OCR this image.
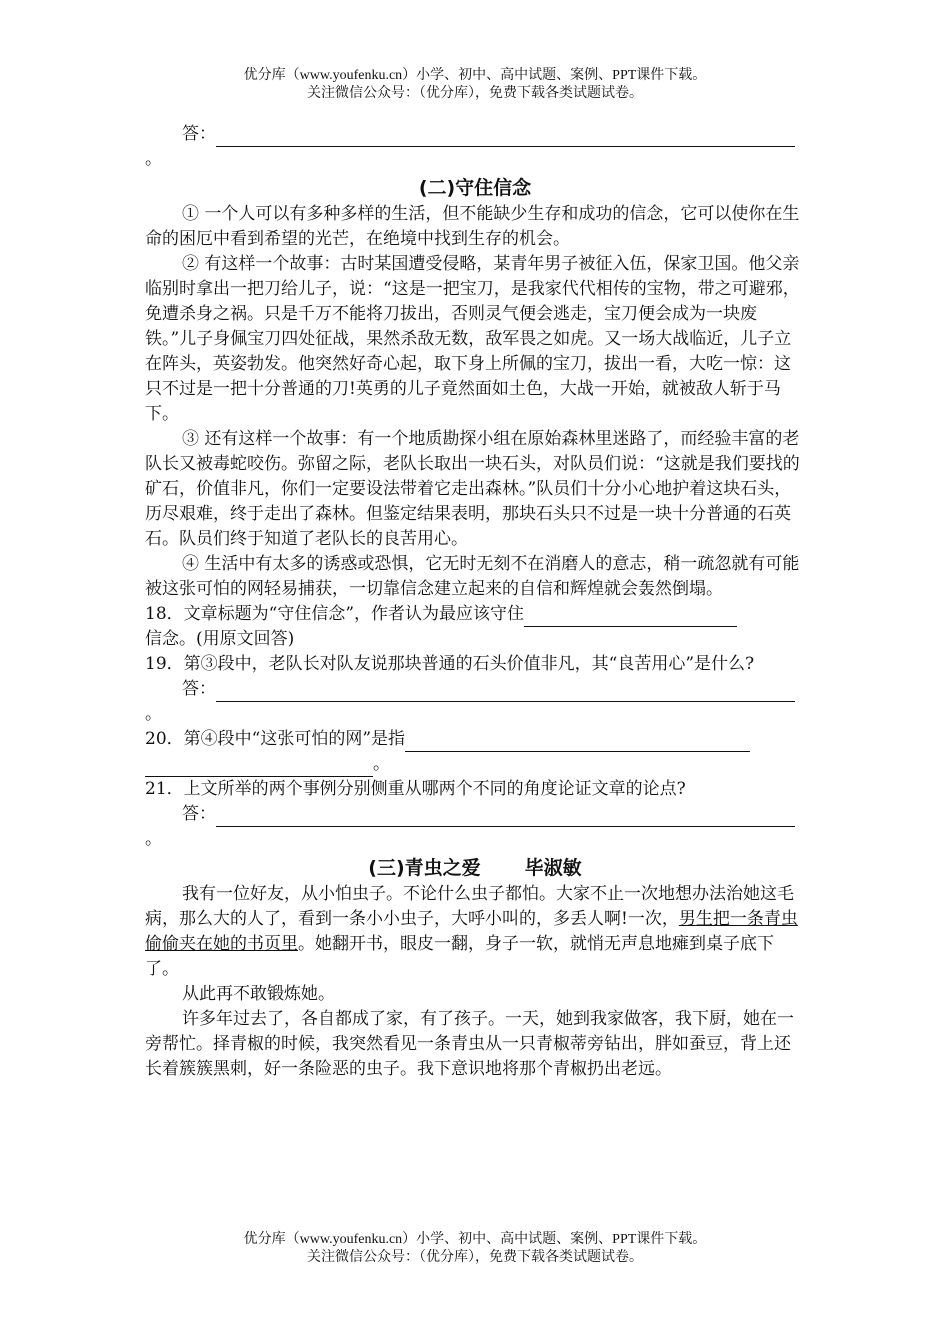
优分库（www.youfenku.cn）小学、初中、高中试题、案例、PPT课件下载。
关注微信公众号：（优分库），免费下载各类试题试卷。
答：
。
(二)守住信念

① 一个人可以有多种多样的生活，但不能缺少生存和成功的信念，它可以使你在生命的困厄中看到希望的光芒，在绝境中找到生存的机会。

② 有这样一个故事：古时某国遭受侵略，某青年男子被征入伍，保家卫国。他父亲临别时拿出一把刀给儿子，说：“这是一把宝刀，是我家代代相传的宝物，带之可避邪，免遭杀身之祸。只是千万不能将刀拔出，否则灵气便会逃走，宝刀便会成为一块废铁。”儿子身佩宝刀四处征战，果然杀敌无数，敌军畏之如虎。又一场大战临近，儿子立在阵头，英姿勃发。他突然好奇心起，取下身上所佩的宝刀，拔出一看，大吃一惊：这只不过是一把十分普通的刀!英勇的儿子竟然面如土色，大战一开始，就被敌人斩于马下。

③ 还有这样一个故事：有一个地质勘探小组在原始森林里迷路了，而经验丰富的老队长又被毒蛇咬伤。弥留之际，老队长取出一块石头，对队员们说：“这就是我们要找的矿石，价值非凡，你们一定要设法带着它走出森林。”队员们十分小心地护着这块石头，历尽艰难，终于走出了森林。但鉴定结果表明，那块石头只不过是一块十分普通的石英石。队员们终于知道了老队长的良苦用心。

④ 生活中有太多的诱惑或恐惧，它无时无刻不在消磨人的意志，稍一疏忽就有可能被这张可怕的网轻易捕获，一切靠信念建立起来的自信和辉煌就会轰然倒塌。

18．文章标题为“守住信念”，作者认为最应该守住

信念。(用原文回答)

19．第③段中，老队长对队友说那块普通的石头价值非凡，其“良苦用心”是什么?

答：
。
20．第④段中“这张可怕的网”是指
。

21．上文所举的两个事例分别侧重从哪两个不同的角度论证文章的论点?

答：
。
(三)青虫之爱 毕淑敏

我有一位好友，从小怕虫子。不论什么虫子都怕。大家不止一次地想办法治她这毛病，那么大的人了，看到一条小小虫子，大呼小叫的，多丢人啊!一次，男生把一条青虫偷偷夹在她的书页里。她翻开书，眼皮一翻，身子一软，就悄无声息地瘫到桌子底下了。

从此再不敢锻炼她。

许多年过去了，各自都成了家，有了孩子。一天，她到我家做客，我下厨，她在一旁帮忙。择青椒的时候，我突然看见一条青虫从一只青椒蒂旁钻出，胖如蚕豆，背上还长着簇簇黑刺，好一条险恶的虫子。我下意识地将那个青椒扔出老远。

优分库（www.youfenku.cn）小学、初中、高中试题、案例、PPT课件下载。
关注微信公众号：（优分库），免费下载各类试题试卷。
